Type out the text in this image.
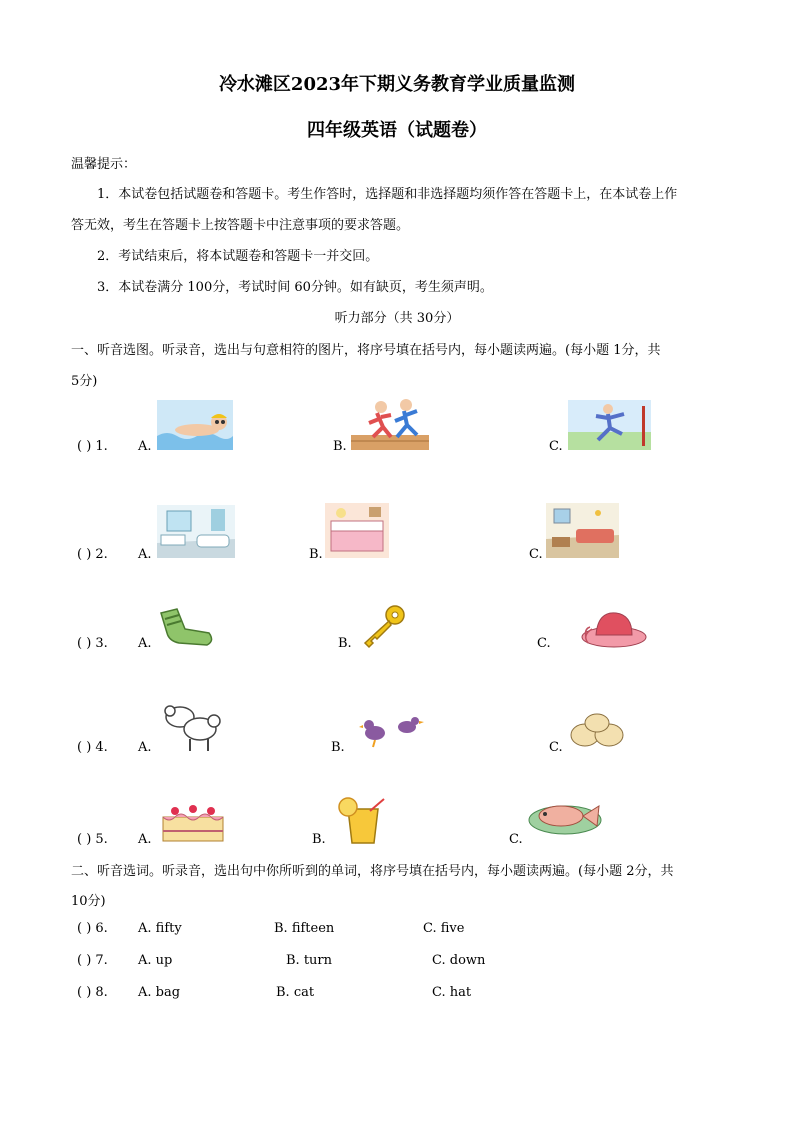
冷水滩区2023年下期义务教育学业质量监测
四年级英语（试题卷）
温馨提示：
1．本试卷包括试题卷和答题卡。考生作答时，选择题和非选择题均须作答在答题卡上，在本试卷上作
答无效，考生在答题卡上按答题卡中注意事项的要求答题。
2．考试结束后，将本试题卷和答题卡一并交回。
3．本试卷满分 100分，考试时间 60分钟。如有缺页，考生须声明。
听力部分（共 30分）
一、听音选图。听录音，选出与句意相符的图片，将序号填在括号内，每小题读两遍。(每小题 1分，共
5分)
( ) 1. A.	B.	C.
( ) 2. A.	B.	C.
( ) 3. A.	B.	C.
( ) 4. A.	B.	C.
( ) 5. A.	B.	C.
二、听音选词。听录音，选出句中你所听到的单词，将序号填在括号内，每小题读两遍。(每小题 2分，共
10分)
( ) 6. A. fifty	B. fifteen	C. five
( ) 7. A. up	B. turn	C. down
( ) 8. A. bag	B. cat	C. hat
